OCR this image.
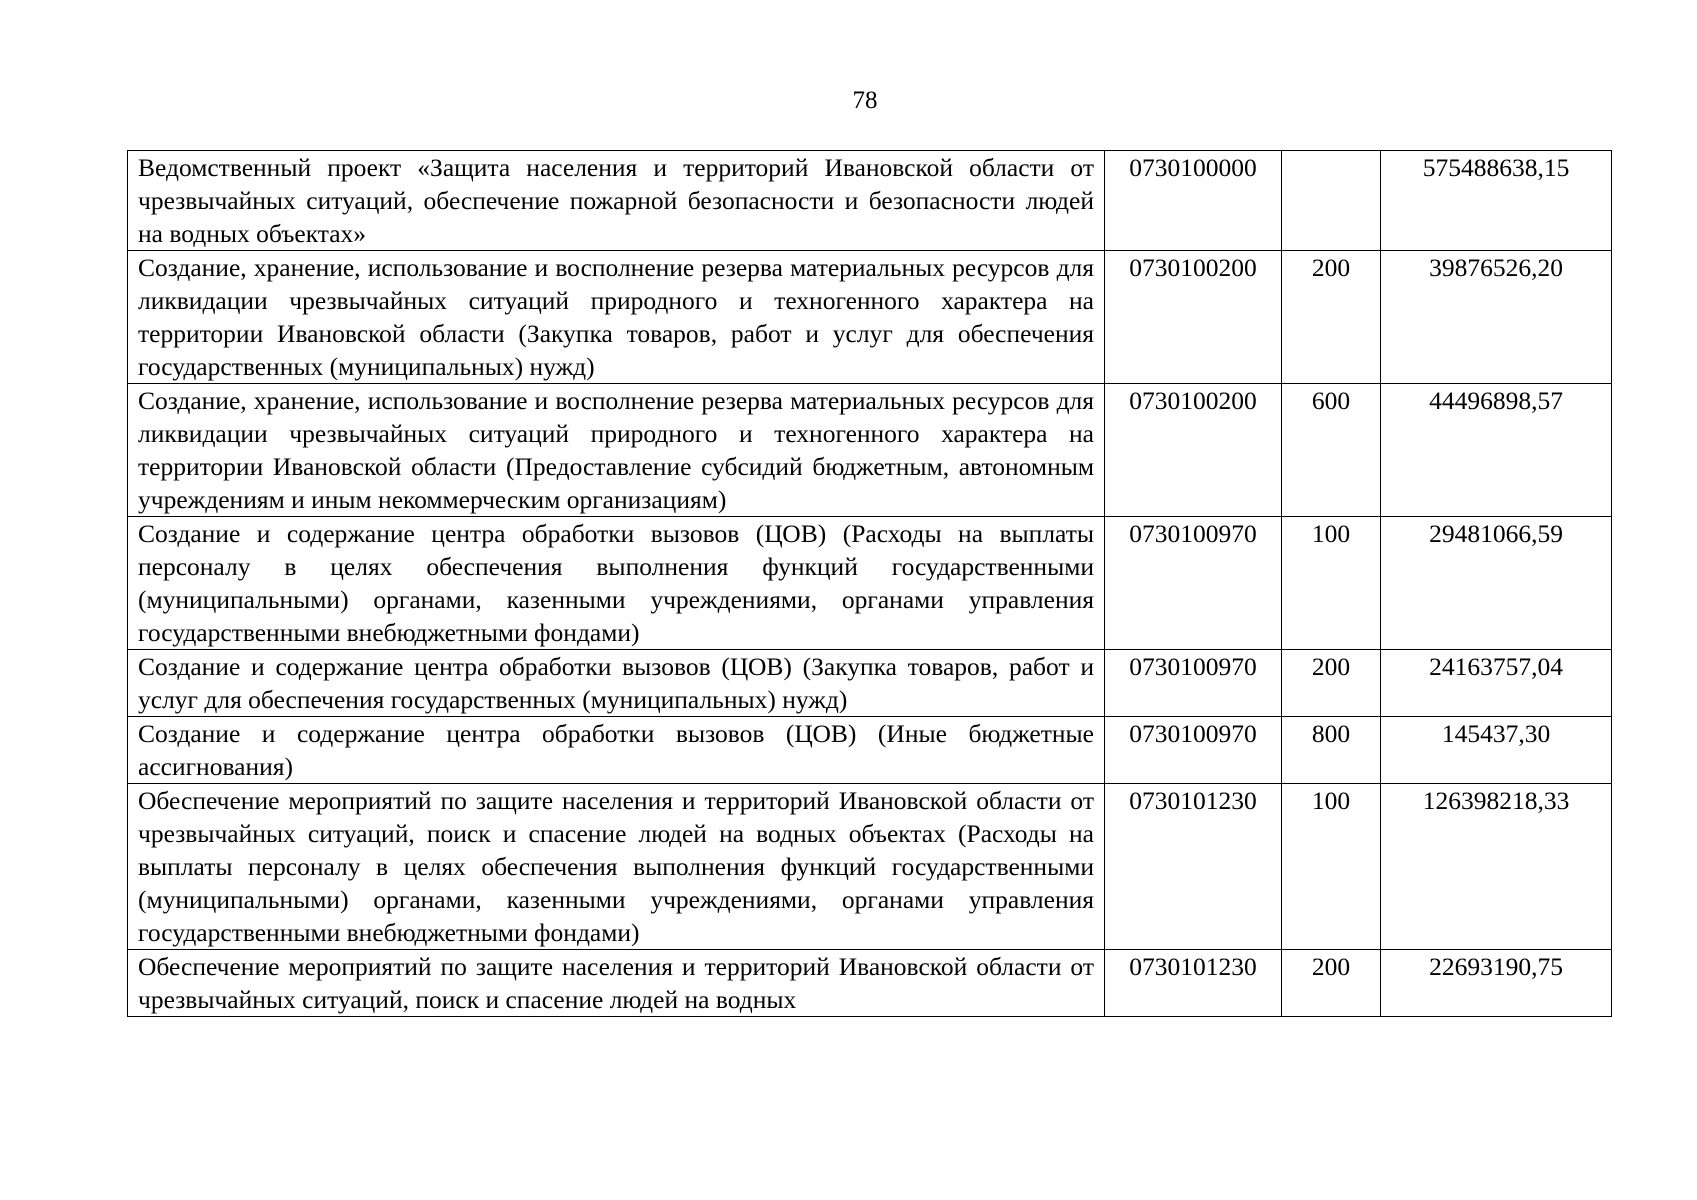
78
Ведомственный проект «Защита населения и территорий Ивановской области от чрезвычайных ситуаций, обеспечение пожарной безопасности и безопасности людей на водных объектах»	0730100000		575488638,15
Создание, хранение, использование и восполнение резерва материальных ресурсов для ликвидации чрезвычайных ситуаций природного и техногенного характера на территории Ивановской области (Закупка товаров, работ и услуг для обеспечения государственных (муниципальных) нужд)	0730100200	200	39876526,20
Создание, хранение, использование и восполнение резерва материальных ресурсов для ликвидации чрезвычайных ситуаций природного и техногенного характера на территории Ивановской области (Предоставление субсидий бюджетным, автономным учреждениям и иным некоммерческим организациям)	0730100200	600	44496898,57
Создание и содержание центра обработки вызовов (ЦОВ) (Расходы на выплаты персоналу в целях обеспечения выполнения функций государственными (муниципальными) органами, казенными учреждениями, органами управления государственными внебюджетными фондами)	0730100970	100	29481066,59
Создание и содержание центра обработки вызовов (ЦОВ) (Закупка товаров, работ и услуг для обеспечения государственных (муниципальных) нужд)	0730100970	200	24163757,04
Создание и содержание центра обработки вызовов (ЦОВ) (Иные бюджетные ассигнования)	0730100970	800	145437,30
Обеспечение мероприятий по защите населения и территорий Ивановской области от чрезвычайных ситуаций, поиск и спасение людей на водных объектах (Расходы на выплаты персоналу в целях обеспечения выполнения функций государственными (муниципальными) органами, казенными учреждениями, органами управления государственными внебюджетными фондами)	0730101230	100	126398218,33
Обеспечение мероприятий по защите населения и территорий Ивановской области от чрезвычайных ситуаций, поиск и спасение людей на водных	0730101230	200	22693190,75
